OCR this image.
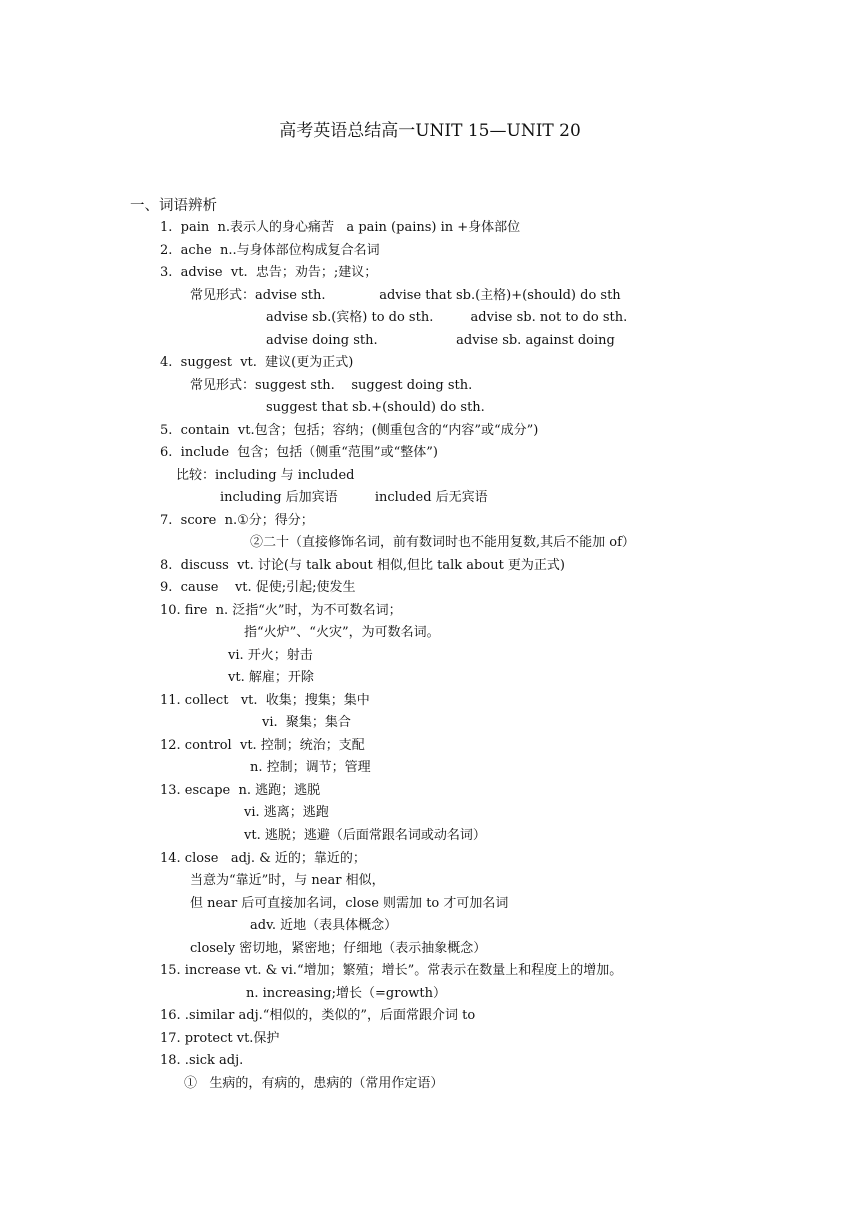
高考英语总结高一UNIT 15—UNIT 20
一、词语辨析
1.  pain  n.表示人的身心痛苦   a pain (pains) in +身体部位
2.  ache  n..与身体部位构成复合名词
3.  advise  vt.  忠告；劝告；;建议；
常见形式：advise sth.             advise that sb.(主格)+(should) do sth
advise sb.(宾格) to do sth.         advise sb. not to do sth.
advise doing sth.                   advise sb. against doing
4.  suggest  vt.  建议(更为正式)
常见形式：suggest sth.    suggest doing sth.
suggest that sb.+(should) do sth.
5.  contain  vt.包含；包括；容纳；(侧重包含的“内容”或“成分”)
6.  include  包含；包括（侧重“范围”或“整体”)
比较：including 与 included
including 后加宾语         included 后无宾语
7.  score  n.①分；得分；
②二十（直接修饰名词，前有数词时也不能用复数,其后不能加 of）
8.  discuss  vt. 讨论(与 talk about 相似,但比 talk about 更为正式)
9.  cause    vt. 促使;引起;使发生
10. fire  n. 泛指“火”时，为不可数名词；
指“火炉”、“火灾”，为可数名词。
vi. 开火；射击
vt. 解雇；开除
11. collect   vt.  收集；搜集；集中
vi.  聚集；集合
12. control  vt. 控制；统治；支配
n. 控制；调节；管理
13. escape  n. 逃跑；逃脱
vi. 逃离；逃跑
vt. 逃脱；逃避（后面常跟名词或动名词）
14. close   adj. & 近的；靠近的；
当意为“靠近”时，与 near 相似，
但 near 后可直接加名词，close 则需加 to 才可加名词
adv. 近地（表具体概念）
closely 密切地，紧密地；仔细地（表示抽象概念）
15. increase vt. & vi.“增加；繁殖；增长”。常表示在数量上和程度上的增加。
n. increasing;增长（=growth）
16. .similar adj.“相似的，类似的”，后面常跟介词 to
17. protect vt.保护
18. .sick adj.
①   生病的，有病的，患病的（常用作定语）
